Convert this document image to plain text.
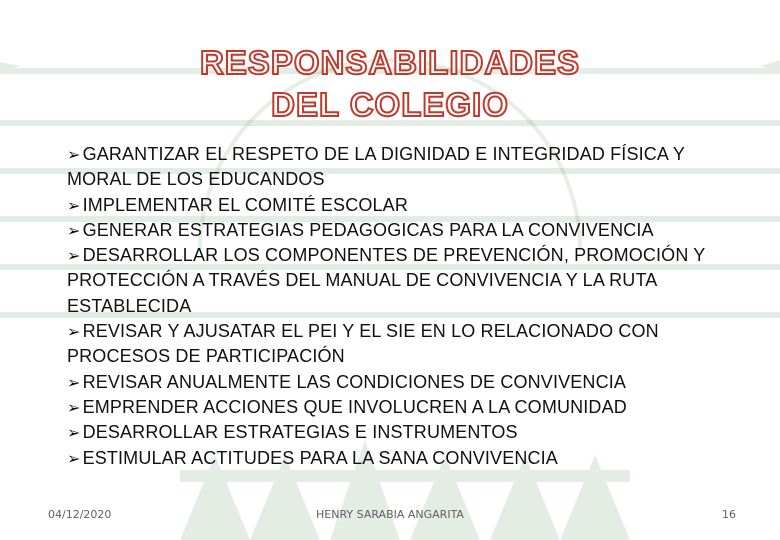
RESPONSABILIDADES
DEL COLEGIO

➢ GARANTIZAR EL RESPETO DE LA DIGNIDAD E INTEGRIDAD FÍSICA Y MORAL DE LOS EDUCANDOS

➢ IMPLEMENTAR EL COMITÉ ESCOLAR

➢ GENERAR ESTRATEGIAS PEDAGOGICAS PARA LA CONVIVENCIA

➢ DESARROLLAR LOS COMPONENTES DE PREVENCIÓN, PROMOCIÓN Y PROTECCIÓN A TRAVÉS DEL MANUAL DE CONVIVENCIA Y LA RUTA ESTABLECIDA

➢ REVISAR Y AJUSATAR EL PEI Y EL SIE EN LO RELACIONADO CON PROCESOS DE PARTICIPACIÓN

➢ REVISAR ANUALMENTE LAS CONDICIONES DE CONVIVENCIA

➢ EMPRENDER ACCIONES QUE INVOLUCREN A LA COMUNIDAD

➢ DESARROLLAR ESTRATEGIAS E INSTRUMENTOS

➢ ESTIMULAR ACTITUDES PARA LA SANA CONVIVENCIA

04/12/2020	HENRY SARABIA ANGARITA	16
